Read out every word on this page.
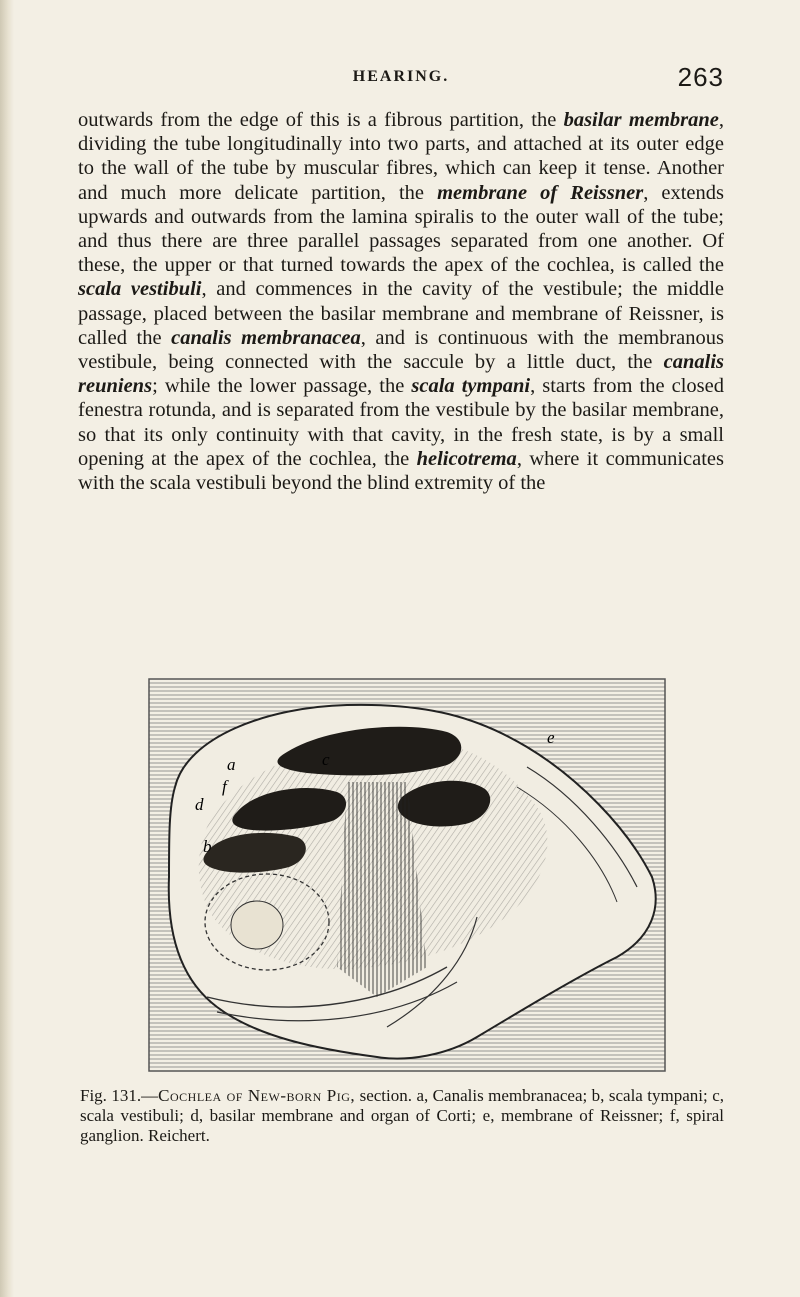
HEARING.	263

outwards from the edge of this is a fibrous partition, the basilar membrane, dividing the tube longitudinally into two parts, and attached at its outer edge to the wall of the tube by muscular fibres, which can keep it tense. Another and much more delicate partition, the membrane of Reissner, extends upwards and outwards from the lamina spiralis to the outer wall of the tube; and thus there are three parallel passages separated from one another. Of these, the upper or that turned towards the apex of the cochlea, is called the scala vestibuli, and commences in the cavity of the vestibule; the middle passage, placed between the basilar membrane and membrane of Reissner, is called the canalis membranacea, and is continuous with the membranous vestibule, being connected with the saccule by a little duct, the canalis reuniens; while the lower passage, the scala tympani, starts from the closed fenestra rotunda, and is separated from the vestibule by the basilar membrane, so that its only continuity with that cavity, in the fresh state, is by a small opening at the apex of the cochlea, the helicotrema, where it communicates with the scala vestibuli beyond the blind extremity of the

a
f
d
c
b
e
Fig. 131.—Cochlea of New-born Pig, section. a, Canalis membranacea; b, scala tympani; c, scala vestibuli; d, basilar membrane and organ of Corti; e, membrane of Reissner; f, spiral ganglion. Reichert.
